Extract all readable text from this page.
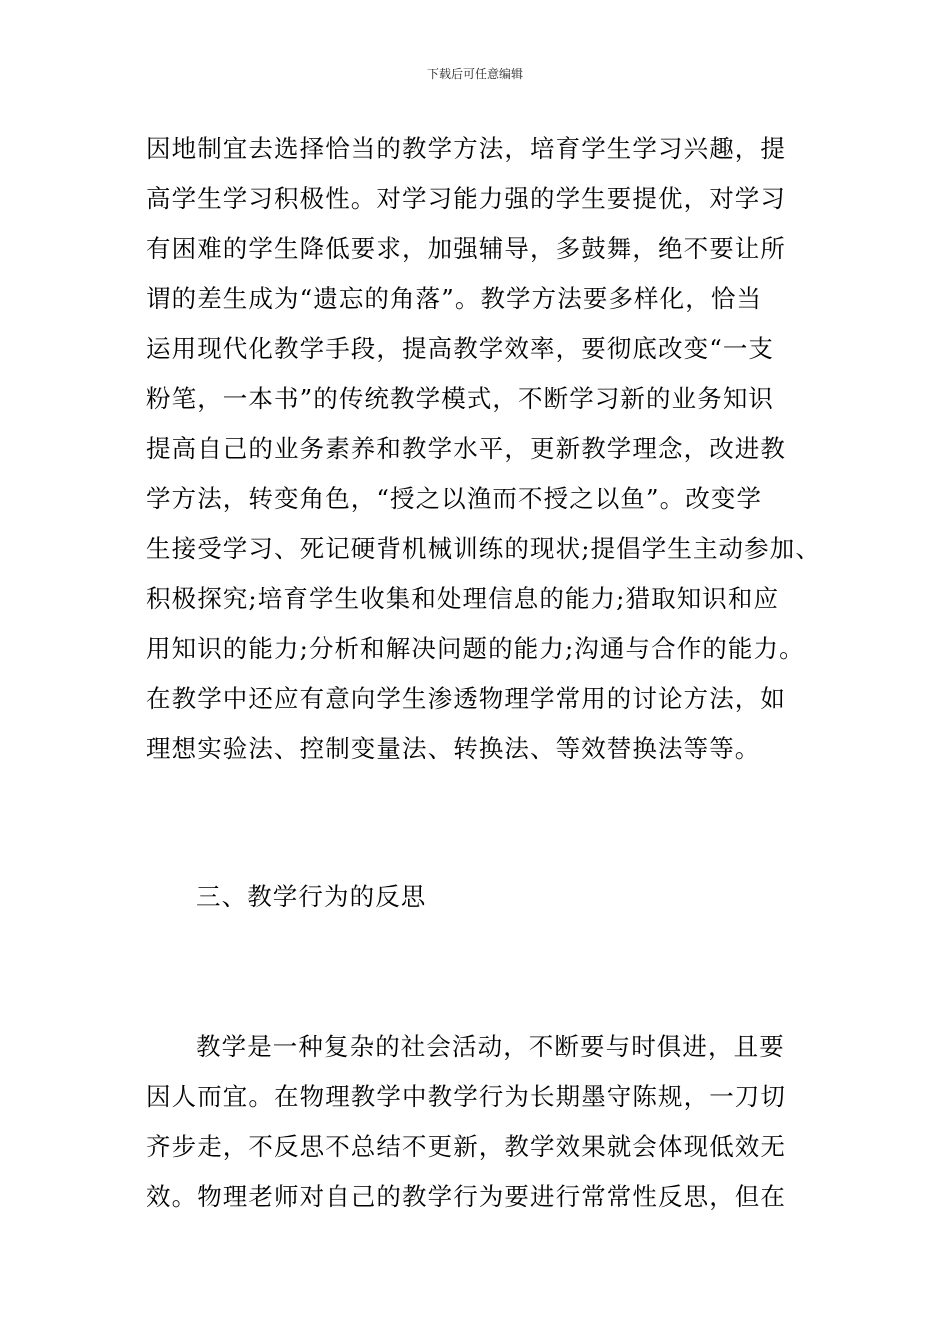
下载后可任意编辑
因地制宜去选择恰当的教学方法，培育学生学习兴趣，提
高学生学习积极性。对学习能力强的学生要提优，对学习
有困难的学生降低要求，加强辅导，多鼓舞，绝不要让所
谓的差生成为“遗忘的角落”。教学方法要多样化，恰当
运用现代化教学手段，提高教学效率，要彻底改变“一支
粉笔，一本书”的传统教学模式，不断学习新的业务知识
提高自己的业务素养和教学水平，更新教学理念，改进教
学方法，转变角色，“授之以渔而不授之以鱼”。改变学
生接受学习、死记硬背机械训练的现状;提倡学生主动参加、
积极探究;培育学生收集和处理信息的能力;猎取知识和应
用知识的能力;分析和解决问题的能力;沟通与合作的能力。
在教学中还应有意向学生渗透物理学常用的讨论方法，如
理想实验法、控制变量法、转换法、等效替换法等等。
三、教学行为的反思
教学是一种复杂的社会活动，不断要与时俱进，且要
因人而宜。在物理教学中教学行为长期墨守陈规，一刀切
齐步走，不反思不总结不更新，教学效果就会体现低效无
效。物理老师对自己的教学行为要进行常常性反思，但在
